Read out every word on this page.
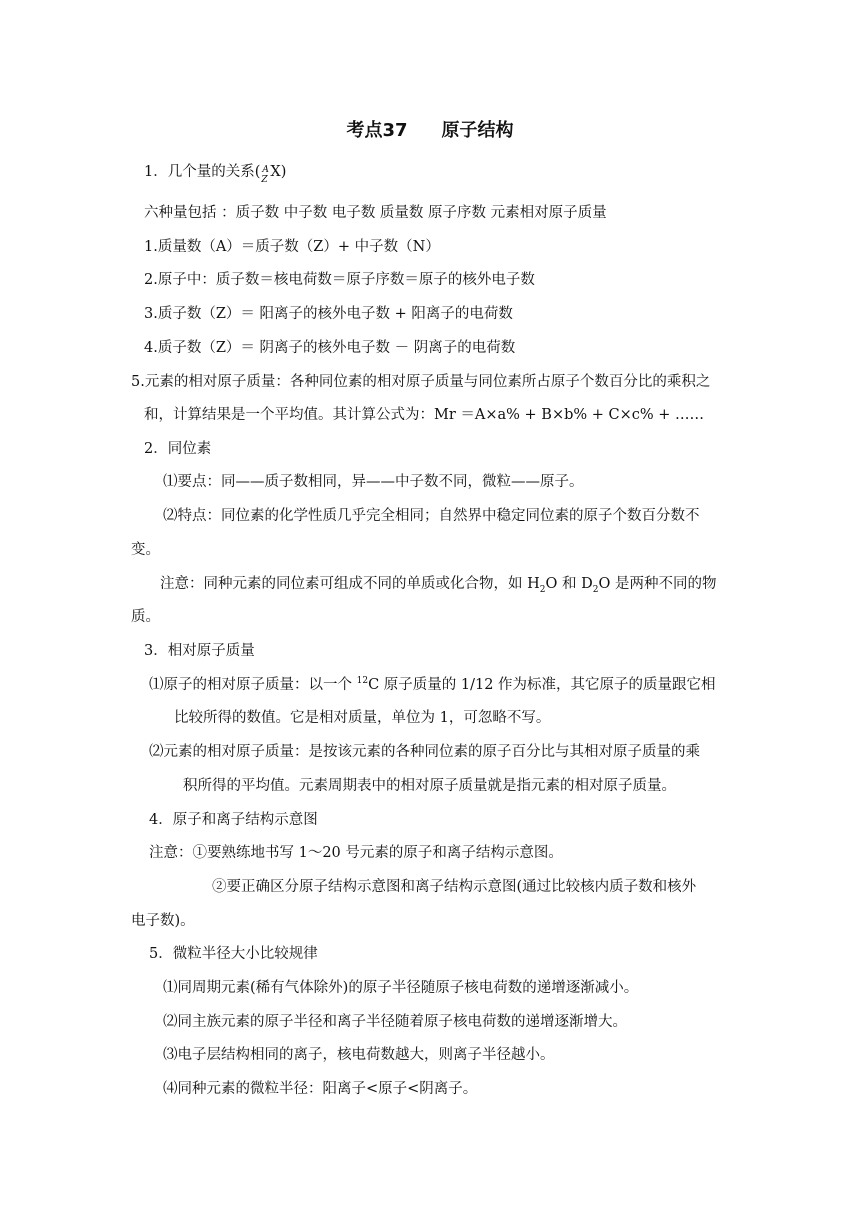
考点37 原子结构
1．几个量的关系( A
Z X)
六种量包括 ：质子数 中子数 电子数 质量数 原子序数 元素相对原子质量
1.质量数（A）＝质子数（Z）+ 中子数（N）
2.原子中：质子数＝核电荷数＝原子序数＝原子的核外电子数
3.质子数（Z）＝ 阳离子的核外电子数 + 阳离子的电荷数
4.质子数（Z）＝ 阴离子的核外电子数 － 阴离子的电荷数
5.元素的相对原子质量：各种同位素的相对原子质量与同位素所占原子个数百分比的乘积之
和，计算结果是一个平均值。其计算公式为：Mr ＝A×a% + B×b% + C×c% + ……
2．同位素
⑴要点：同——质子数相同，异——中子数不同，微粒——原子。
⑵特点：同位素的化学性质几乎完全相同；自然界中稳定同位素的原子个数百分数不
变。
注意：同种元素的同位素可组成不同的单质或化合物，如 $H_2O$ 和 $D_2O$ 是两种不同的物
质。
3．相对原子质量
⑴原子的相对原子质量：以一个 $^{12}$C 原子质量的 1/12 作为标准，其它原子的质量跟它相
比较所得的数值。它是相对质量，单位为 1，可忽略不写。
⑵元素的相对原子质量：是按该元素的各种同位素的原子百分比与其相对原子质量的乘
积所得的平均值。元素周期表中的相对原子质量就是指元素的相对原子质量。
4．原子和离子结构示意图
注意：①要熟练地书写 1～20 号元素的原子和离子结构示意图。
②要正确区分原子结构示意图和离子结构示意图(通过比较核内质子数和核外
电子数)。
5．微粒半径大小比较规律
⑴同周期元素(稀有气体除外)的原子半径随原子核电荷数的递增逐渐减小。
⑵同主族元素的原子半径和离子半径随着原子核电荷数的递增逐渐增大。
⑶电子层结构相同的离子，核电荷数越大，则离子半径越小。
⑷同种元素的微粒半径：阳离子<原子<阴离子。
